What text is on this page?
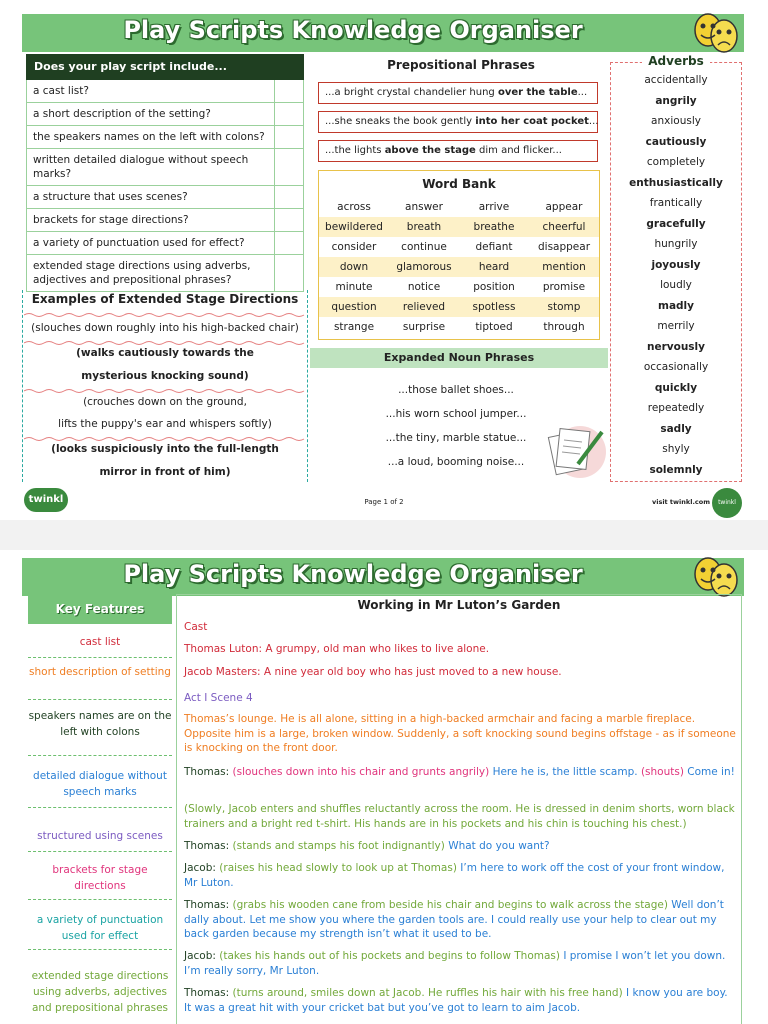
Play Scripts Knowledge Organiser
Does your play script include...
a cast list?
a short description of the setting?
the speakers names on the left with colons?
written detailed dialogue without speech marks?
a structure that uses scenes?
brackets for stage directions?
a variety of punctuation used for effect?
extended stage directions using adverbs, adjectives and prepositional phrases?
Examples of Extended Stage Directions
(slouches down roughly into his high-backed chair)
(walks cautiously towards the
mysterious knocking sound)
(crouches down on the ground,
lifts the puppy's ear and whispers softly)
(looks suspiciously into the full-length
mirror in front of him)
Prepositional Phrases
...a bright crystal chandelier hung over the table...
...she sneaks the book gently into her coat pocket...
...the lights above the stage dim and flicker...
Word Bank
across	answer	arrive	appear
bewildered	breath	breathe	cheerful
consider	continue	defiant	disappear
down	glamorous	heard	mention
minute	notice	position	promise
question	relieved	spotless	stomp
strange	surprise	tiptoed	through
Expanded Noun Phrases
...those ballet shoes...
...his worn school jumper...
...the tiny, marble statue...
...a loud, booming noise...
Adverbs
accidentally
angrily
anxiously
cautiously
completely
enthusiastically
frantically
gracefully
hungrily
joyously
loudly
madly
merrily
nervously
occasionally
quickly
repeatedly
sadly
shyly
solemnly
twinkl	Page 1 of 2	visit twinkl.com	twinkl
Play Scripts Knowledge Organiser
Key Features
cast list
short description of setting
speakers names are on the left with colons
detailed dialogue without speech marks
structured using scenes
brackets for stage directions
a variety of punctuation used for effect
extended stage directions using adverbs, adjectives and prepositional phrases
Working in Mr Luton’s Garden
Cast
Thomas Luton: A grumpy, old man who likes to live alone.
Jacob Masters: A nine year old boy who has just moved to a new house.
Act I Scene 4
Thomas’s lounge. He is all alone, sitting in a high-backed armchair and facing a marble fireplace. Opposite him is a large, broken window. Suddenly, a soft knocking sound begins offstage - as if someone is knocking on the front door.
Thomas: (slouches down into his chair and grunts angrily) Here he is, the little scamp. (shouts) Come in!
(Slowly, Jacob enters and shuffles reluctantly across the room. He is dressed in denim shorts, worn black trainers and a bright red t-shirt. His hands are in his pockets and his chin is touching his chest.)
Thomas: (stands and stamps his foot indignantly) What do you want?
Jacob: (raises his head slowly to look up at Thomas) I’m here to work off the cost of your front window, Mr Luton.
Thomas: (grabs his wooden cane from beside his chair and begins to walk across the stage) Well don’t dally about. Let me show you where the garden tools are. I could really use your help to clear out my back garden because my strength isn’t what it used to be.
Jacob: (takes his hands out of his pockets and begins to follow Thomas) I promise I won’t let you down. I’m really sorry, Mr Luton.
Thomas: (turns around, smiles down at Jacob. He ruffles his hair with his free hand) I know you are boy. It was a great hit with your cricket bat but you’ve got to learn to aim Jacob.
